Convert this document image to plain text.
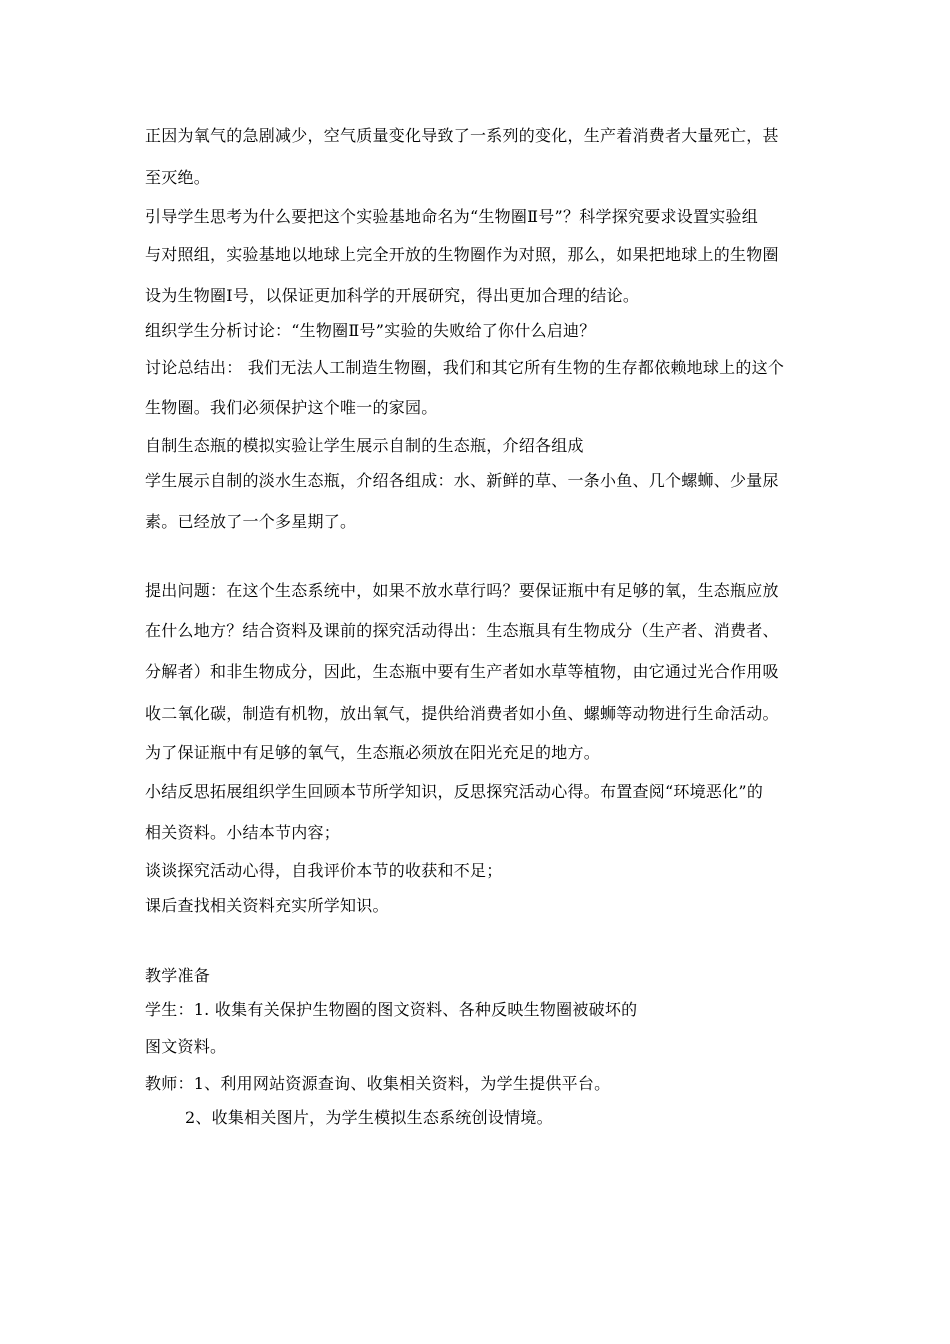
正因为氧气的急剧减少，空气质量变化导致了一系列的变化，生产着消费者大量死亡，甚
至灭绝。
引导学生思考为什么要把这个实验基地命名为“生物圈Ⅱ号”？科学探究要求设置实验组
与对照组，实验基地以地球上完全开放的生物圈作为对照，那么，如果把地球上的生物圈
设为生物圈Ⅰ号，以保证更加科学的开展研究，得出更加合理的结论。
组织学生分析讨论：“生物圈Ⅱ号”实验的失败给了你什么启迪？
讨论总结出： 我们无法人工制造生物圈，我们和其它所有生物的生存都依赖地球上的这个
生物圈。我们必须保护这个唯一的家园。
自制生态瓶的模拟实验让学生展示自制的生态瓶，介绍各组成
学生展示自制的淡水生态瓶，介绍各组成：水、新鲜的草、一条小鱼、几个螺蛳、少量尿
素。已经放了一个多星期了。
提出问题：在这个生态系统中，如果不放水草行吗？要保证瓶中有足够的氧，生态瓶应放
在什么地方？结合资料及课前的探究活动得出：生态瓶具有生物成分（生产者、消费者、
分解者）和非生物成分，因此，生态瓶中要有生产者如水草等植物，由它通过光合作用吸
收二氧化碳，制造有机物，放出氧气，提供给消费者如小鱼、螺蛳等动物进行生命活动。
为了保证瓶中有足够的氧气，生态瓶必须放在阳光充足的地方。
小结反思拓展组织学生回顾本节所学知识，反思探究活动心得。布置查阅“环境恶化”的
相关资料。小结本节内容；
谈谈探究活动心得，自我评价本节的收获和不足；
课后查找相关资料充实所学知识。
教学准备
学生：1. 收集有关保护生物圈的图文资料、各种反映生物圈被破坏的
图文资料。
教师：1、利用网站资源查询、收集相关资料，为学生提供平台。
2、收集相关图片，为学生模拟生态系统创设情境。
